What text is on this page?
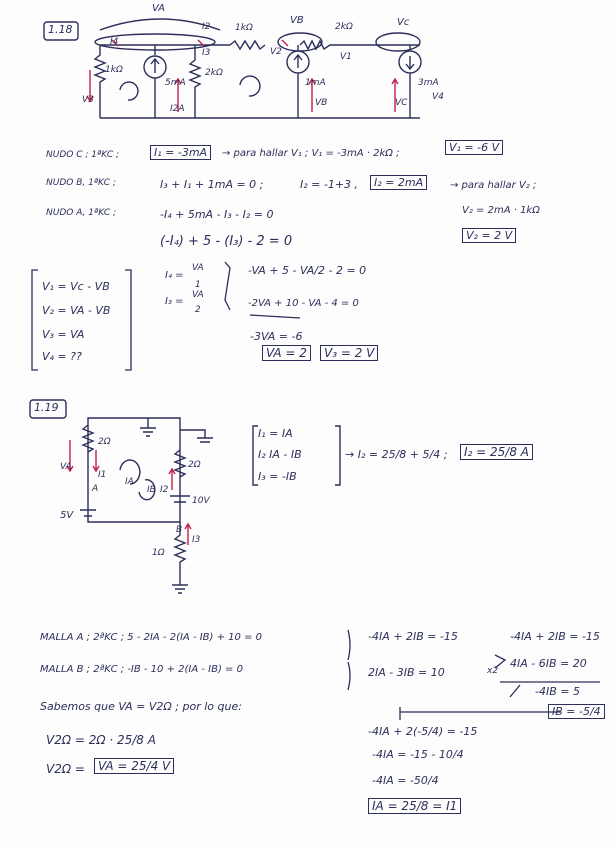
1.18
VA
I4
1kΩ
1kΩ
VB
2kΩ	Vc
I2
I3	V2	V1
5mA
2kΩ
1mA	3mA
V3	VB	VC
V4
I2A
NUDO C ; 1ªKC ;	I₁ = -3mA	→ para hallar V₁ ; V₁ = -3mA · 2kΩ ;	V₁ = -6 V
NUDO B, 1ªKC ;	I₃ + I₁ + 1mA = 0 ;	I₂ = -1+3 ,	I₂ = 2mA	→ para hallar V₂ ;
NUDO A, 1ªKC ;	-I₄ + 5mA - I₃ - I₂ = 0	V₂ = 2mA · 1kΩ
V₂ = 2 V
(-I₄) + 5 - (I₃) - 2 = 0
V₁ = Vc - VB
V₂ = VA - VB
V₃ = VA
V₄ = ??
I₄ =
VA
1
I₃ =
VA
2
-VA + 5 - VA/2 - 2 = 0
-2VA + 10 - VA - 4 = 0
-3VA = -6
VA = 2	V₃ = 2 V
1.19
2Ω
2Ω
VA
I1
A
5V
10V
I2
I3
IA
IB
B
1Ω
I₁ = IA
I₂ IA - IB
I₃ = -IB
→ I₂ = 25/8 + 5/4 ;	I₂ = 25/8 A
MALLA A ; 2ªKC ; 5 - 2IA - 2(IA - IB) + 10 = 0	-4IA + 2IB = -15
MALLA B ; 2ªKC ; -IB - 10 + 2(IA - IB) = 0	2IA - 3IB = 10	x2
-4IA + 2IB = -15
4IA - 6IB = 20
-4IB = 5
IB = -5/4
Sabemos que VA = V2Ω ; por lo que:
V2Ω = 2Ω · 25/8 A
V2Ω =	VA = 25/4 V
-4IA + 2(-5/4) = -15
-4IA = -15 - 10/4
-4IA = -50/4
IA = 25/8 = I1
